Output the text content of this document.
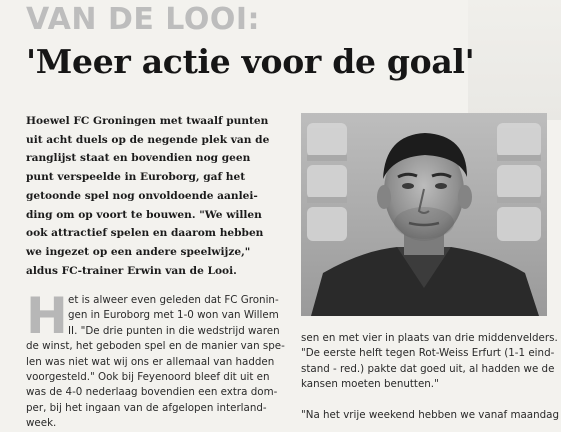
VAN DE LOOI:
'Meer actie voor de goal'
Hoewel FC Groningen met twaalf punten
uit acht duels op de negende plek van de
ranglijst staat en bovendien nog geen
punt verspeelde in Euroborg, gaf het
getoonde spel nog onvoldoende aanlei-
ding om op voort te bouwen. "We willen
ook attractief spelen en daarom hebben
we ingezet op een andere speelwijze,"
aldus FC-trainer Erwin van de Looi.
H et is alweer even geleden dat FC Gronin-
gen in Euroborg met 1-0 won van Willem
II. "De drie punten in die wedstrijd waren
de winst, het geboden spel en de manier van spe-
len was niet wat wij ons er allemaal van hadden
voorgesteld." Ook bij Feyenoord bleef dit uit en
was de 4-0 nederlaag bovendien een extra dom-
per, bij het ingaan van de afgelopen interland-
week.
sen en met vier in plaats van drie middenvelders.
"De eerste helft tegen Rot-Weiss Erfurt (1-1 eind-
stand - red.) pakte dat goed uit, al hadden we de
kansen moeten benutten."
"Na het vrije weekend hebben we vanaf maandag
